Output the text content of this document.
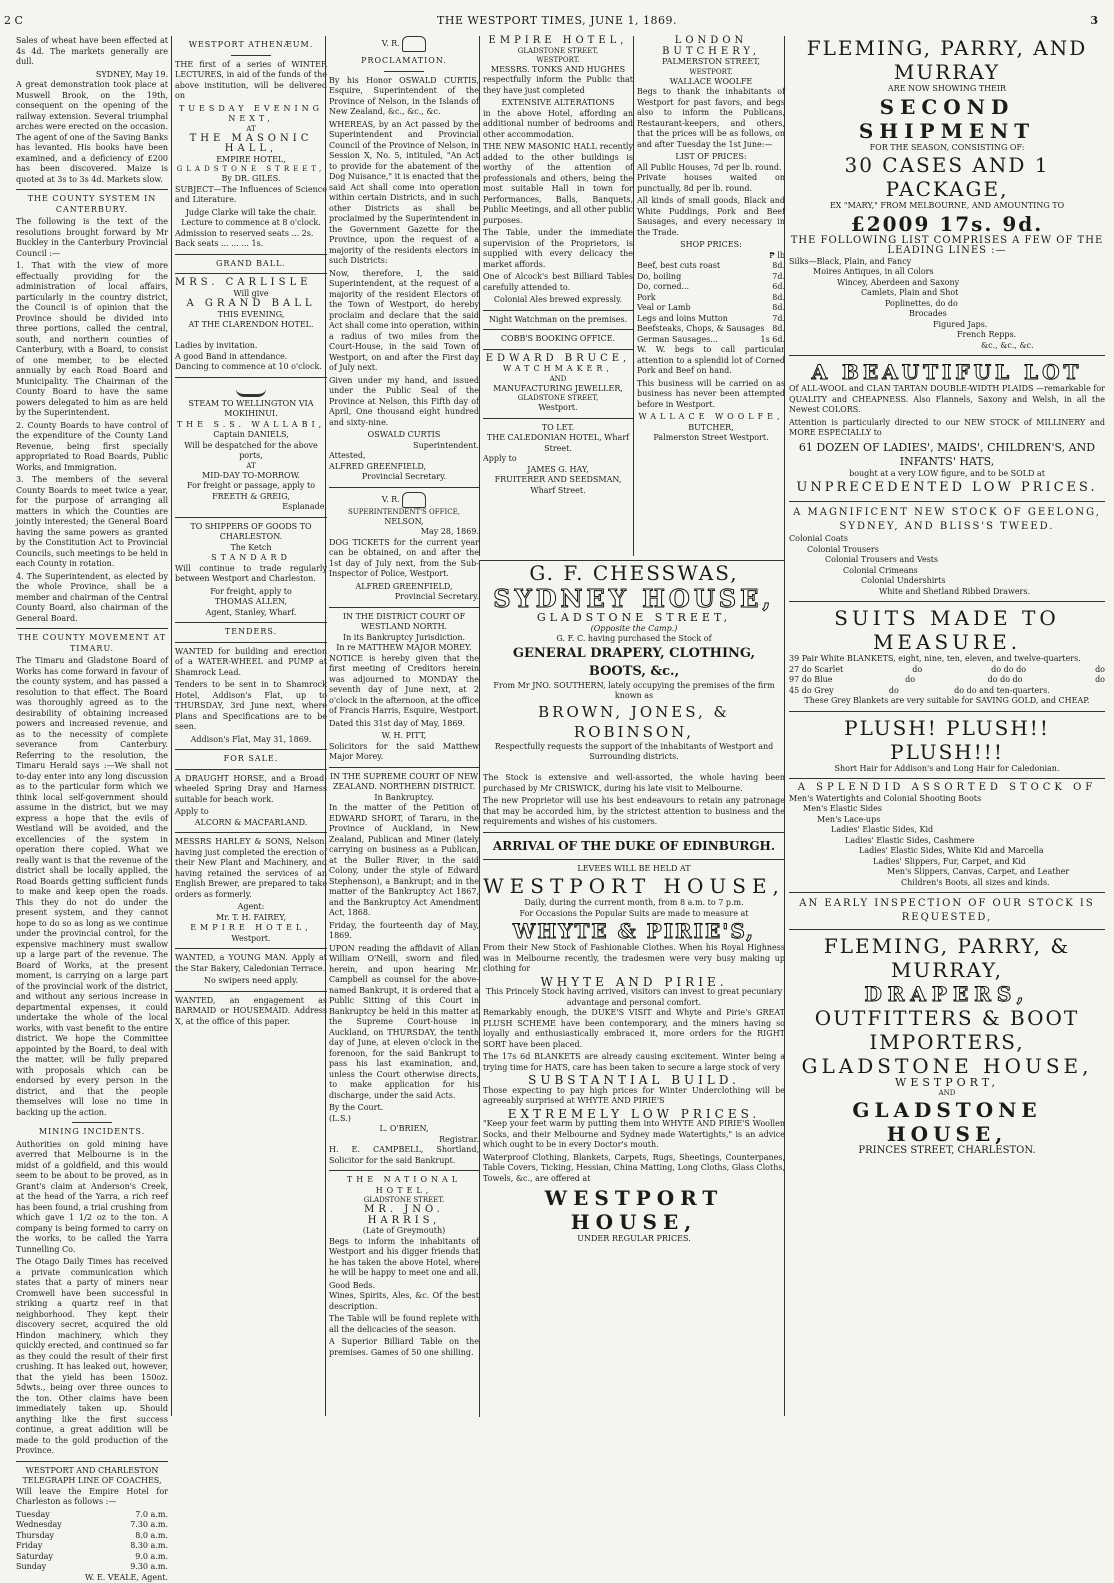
2 C	THE WESTPORT TIMES, JUNE 1, 1869.	3

Sales of wheat have been effected at 4s 4d. The markets generally are dull.

SYDNEY, May 19.

A great demonstration took place at Muswell Brook, on the 19th, consequent on the opening of the railway extension. Several triumphal arches were erected on the occasion. The agent of one of the Saving Banks has levanted. His books have been examined, and a deficiency of £200 has been discovered. Maize is quoted at 3s to 3s 4d. Markets slow.

THE COUNTY SYSTEM IN CANTERBURY.

The following is the text of the resolutions brought forward by Mr Buckley in the Canterbury Provincial Council :—

1. That with the view of more effectually providing for the administration of local affairs, particularly in the country district, the Council is of opinion that the Province should be divided into three portions, called the central, south, and northern counties of Canterbury, with a Board, to consist of one member, to be elected annually by each Road Board and Municipality. The Chairman of the County Board to have the same powers delegated to him as are held by the Superintendent.

2. County Boards to have control of the expenditure of the County Land Revenue, being first specially appropriated to Road Boards, Public Works, and Immigration.

3. The members of the several County Boards to meet twice a year, for the purpose of arranging all matters in which the Counties are jointly interested; the General Board having the same powers as granted by the Constitution Act to Provincial Councils, such meetings to be held in each County in rotation.

4. The Superintendent, as elected by the whole Province, shall be a member and chairman of the Central County Board, also chairman of the General Board.

THE COUNTY MOVEMENT AT TIMARU.

The Timaru and Gladstone Board of Works has come forward in favour of the county system, and has passed a resolution to that effect. The Board was thoroughly agreed as to the desirability of obtaining increased powers and increased revenue, and as to the necessity of complete severance from Canterbury. Referring to the resolution, the Timaru Herald says :—We shall not to-day enter into any long discussion as to the particular form which we think local self-government should assume in the district, but we may express a hope that the evils of Westland will be avoided, and the excellencies of the system in operation there copied. What we really want is that the revenue of the district shall be locally applied, the Road Boards getting sufficient funds to make and keep open the roads. This they do not do under the present system, and they cannot hope to do so as long as we continue under the provincial control, for the expensive machinery must swallow up a large part of the revenue. The Board of Works, at the present moment, is carrying on a large part of the provincial work of the district, and without any serious increase in departmental expenses, it could undertake the whole of the local works, with vast benefit to the entire district. We hope the Committee appointed by the Board, to deal with the matter, will be fully prepared with proposals which can be endorsed by every person in the district, and that the people themselves will lose no time in backing up the action.

MINING INCIDENTS.

Authorities on gold mining have averred that Melbourne is in the midst of a goldfield, and this would seem to be about to be proved, as in Grant's claim at Anderson's Creek, at the head of the Yarra, a rich reef has been found, a trial crushing from which gave 1 1/2 oz to the ton. A company is being formed to carry on the works, to be called the Yarra Tunnelling Co.

The Otago Daily Times has received a private communication which states that a party of miners near Cromwell have been successful in striking a quartz reef in that neighborhood. They kept their discovery secret, acquired the old Hindon machinery, which they quickly erected, and continued so far as they could the result of their first crushing. It has leaked out, however, that the yield has been 150oz. 5dwts., being over three ounces to the ton. Other claims have been immediately taken up. Should anything like the first success continue, a great addition will be made to the gold production of the Province.

WESTPORT AND CHARLESTON TELEGRAPH LINE OF COACHES,

Will leave the Empire Hotel for Charleston as follows :—

Tuesday	7.0 a.m.
Wednesday	7.30 a.m.
Thursday	8.0 a.m.
Friday	8.30 a.m.
Saturday	9.0 a.m.
Sunday	9.30 a.m.
W. E. VEALE, Agent.
WESTPORT ATHENÆUM.

THE first of a series of WINTER LECTURES, in aid of the funds of the above institution, will be delivered on

TUESDAY EVENING NEXT,
AT
THE MASONIC HALL,
EMPIRE HOTEL,
GLADSTONE STREET,
By DR. GILES.

SUBJECT—The Influences of Science and Literature.

Judge Clarke will take the chair.
Lecture to commence at 8 o'clock.
Admission to reserved seats ... 2s.
Back seats ... ... ... 1s.
GRAND BALL.
MRS. CARLISLE
Will give
A GRAND BALL
THIS EVENING,
AT THE CLARENDON HOTEL.

Ladies by invitation.
A good Band in attendance.
Dancing to commence at 10 o'clock.
STEAM TO WELLINGTON VIA MOKIHINUI.
THE S.S. WALLABI,
Captain DANIELS,
Will be despatched for the above ports,
AT
MID-DAY TO-MORROW.
For freight or passage, apply to
FREETH & GREIG,
Esplanade.
TO SHIPPERS OF GOODS TO CHARLESTON.
The Ketch
STANDARD

Will continue to trade regularly between Westport and Charleston.

For freight, apply to
THOMAS ALLEN,
Agent, Stanley, Wharf.
TENDERS.

WANTED for building and erection of a WATER-WHEEL and PUMP at Shamrock Lead.

Tenders to be sent in to Shamrock Hotel, Addison's Flat, up to THURSDAY, 3rd June next, where Plans and Specifications are to be seen.

Addison's Flat, May 31, 1869.
FOR SALE.

A DRAUGHT HORSE, and a Broad-wheeled Spring Dray and Harness suitable for beach work.

Apply to
ALCORN & MACFARLAND.

MESSRS HARLEY & SONS, Nelson, having just completed the erection of their New Plant and Machinery, and having retained the services of an English Brewer, are prepared to take orders as formerly.

Agent:
Mr. T. H. FAIREY,
EMPIRE HOTEL,
Westport.

WANTED, a YOUNG MAN. Apply at the Star Bakery, Caledonian Terrace.

No swipers need apply.

WANTED, an engagement as BARMAID or HOUSEMAID. Address X, at the office of this paper.

V. R.
PROCLAMATION.

By his Honor OSWALD CURTIS, Esquire, Superintendent of the Province of Nelson, in the Islands of New Zealand, &c., &c., &c.

WHEREAS, by an Act passed by the Superintendent and Provincial Council of the Province of Nelson, in Session X, No. 5, intituled, "An Act to provide for the abatement of the Dog Nuisance," it is enacted that the said Act shall come into operation within certain Districts, and in such other Districts as shall be proclaimed by the Superintendent in the Government Gazette for the Province, upon the request of a majority of the residents electors in such Districts:

Now, therefore, I, the said Superintendent, at the request of a majority of the resident Electors of the Town of Westport, do hereby proclaim and declare that the said Act shall come into operation, within a radius of two miles from the Court-House, in the said Town of Westport, on and after the First day of July next.

Given under my hand, and issued under the Public Seal of the Province at Nelson, this Fifth day of April, One thousand eight hundred and sixty-nine.

OSWALD CURTIS
Superintendent.
Attested,
ALFRED GREENFIELD,
Provincial Secretary.
V. R.
SUPERINTENDENT'S OFFICE,
NELSON,
May 28, 1869.

DOG TICKETS for the current year can be obtained, on and after the 1st day of July next, from the Sub-Inspector of Police, Westport.

ALFRED GREENFIELD,
Provincial Secretary.
IN THE DISTRICT COURT OF WESTLAND NORTH.
In its Bankruptcy Jurisdiction.
In re MATTHEW MAJOR MOREY.

NOTICE is hereby given that the first meeting of Creditors herein was adjourned to MONDAY the seventh day of June next, at 2 o'clock in the afternoon, at the office of Francis Harris, Esquire, Westport.

Dated this 31st day of May, 1869.

W. H. PITT,

Solicitors for the said Matthew Major Morey.

IN THE SUPREME COURT OF NEW ZEALAND. NORTHERN DISTRICT.
In Bankruptcy.

In the matter of the Petition of EDWARD SHORT, of Tararu, in the Province of Auckland, in New Zealand, Publican and Miner (lately carrying on business as a Publican, at the Buller River, in the said Colony, under the style of Edward Stephenson), a Bankrupt; and in the matter of the Bankruptcy Act 1867, and the Bankruptcy Act Amendment Act, 1868.

Friday, the fourteenth day of May, 1869.

UPON reading the affidavit of Allan William O'Neill, sworn and filed herein, and upon hearing Mr. Campbell as counsel for the above-named Bankrupt, it is ordered that a Public Sitting of this Court in Bankruptcy be held in this matter at the Supreme Court-house in Auckland, on THURSDAY, the tenth day of June, at eleven o'clock in the forenoon, for the said Bankrupt to pass his last examination, and, unless the Court otherwise directs, to make application for his discharge, under the said Acts.

By the Court.
(L.S.)
L. O'BRIEN,
Registrar.

H. E. CAMPBELL, Shortland, Solicitor for the said Bankrupt.

THE NATIONAL HOTEL,
GLADSTONE STREET.
MR. JNO. HARRIS,
(Late of Greymouth)

Begs to inform the inhabitants of Westport and his digger friends that he has taken the above Hotel, where he will be happy to meet one and all.

Good Beds.

Wines, Spirits, Ales, &c. Of the best description.

The Table will be found replete with all the delicacies of the season.

A Superior Billiard Table on the premises. Games of 50 one shilling.

EMPIRE HOTEL,
GLADSTONE STREET,
WESTPORT.
MESSRS. TONKS AND HUGHES

respectfully inform the Public that they have just completed

EXTENSIVE ALTERATIONS

in the above Hotel, affording an additional number of bedrooms and other accommodation.

THE NEW MASONIC HALL recently added to the other buildings is worthy of the attention of professionals and others, being the most suitable Hall in town for Performances, Balls, Banquets, Public Meetings, and all other public purposes.

The Table, under the immediate supervision of the Proprietors, is supplied with every delicacy the market affords.

One of Alcock's best Billiard Tables carefully attended to.

Colonial Ales brewed expressly.
Night Watchman on the premises.
COBB'S BOOKING OFFICE.
EDWARD BRUCE,
WATCHMAKER,
AND
MANUFACTURING JEWELLER,
GLADSTONE STREET,
Westport.
TO LET.
THE CALEDONIAN HOTEL, Wharf Street.
Apply to
JAMES G. HAY,
FRUITERER AND SEEDSMAN,
Wharf Street.
LONDON BUTCHERY,
PALMERSTON STREET,
WESTPORT.
WALLACE WOOLFE

Begs to thank the inhabitants of Westport for past favors, and begs also to inform the Publicans, Restaurant-keepers, and others, that the prices will be as follows, on and after Tuesday the 1st June:—

LIST OF PRICES:
All Public Houses, 7d per lb. round.

Private houses waited on punctually, 8d per lb. round.

All kinds of small goods, Black and White Puddings, Pork and Beef Sausages, and every necessary in the Trade.

SHOP PRICES:
₱ lb
Beef, best cuts roast	8d.
Do, boiling	7d.
Do, corned...	6d.
Pork	8d.
Veal or Lamb	8d.
Legs and loins Mutton	7d.
Beefsteaks, Chops, & Sausages 8d.
German Sausages...	1s 6d.

W. W. begs to call particular attention to a splendid lot of Corned Pork and Beef on hand.

This business will be carried on as business has never been attempted before in Westport.

WALLACE WOOLFE,
BUTCHER,
Palmerston Street Westport.
G. F. CHESSWAS,
SYDNEY HOUSE,
GLADSTONE STREET,
(Opposite the Camp.)
G. F. C. having purchased the Stock of
GENERAL DRAPERY, CLOTHING, BOOTS, &c.,
From Mr JNO. SOUTHERN, lately occupying the premises of the firm known as
BROWN, JONES, & ROBINSON,
Respectfully requests the support of the inhabitants of Westport and Surrounding districts.

The Stock is extensive and well-assorted, the whole having been purchased by Mr CRISWICK, during his late visit to Melbourne.

The new Proprietor will use his best endeavours to retain any patronage that may be accorded him, by the strictest attention to business and the requirements and wishes of his customers.

ARRIVAL OF THE DUKE OF EDINBURGH.
LEVEES WILL BE HELD AT
WESTPORT HOUSE,
Daily, during the current month, from 8 a.m. to 7 p.m.
For Occasions the Popular Suits are made to measure at
WHYTE & PIRIE'S,

From their New Stock of Fashionable Clothes. When his Royal Highness was in Melbourne recently, the tradesmen were very busy making up clothing for

WHYTE AND PIRIE.
This Princely Stock having arrived, visitors can invest to great pecuniary advantage and personal comfort.

Remarkably enough, the DUKE'S VISIT and Whyte and Pirie's GREAT PLUSH SCHEME have been contemporary, and the miners having so loyally and enthusiastically embraced it, more orders for the RIGHT SORT have been placed.

The 17s 6d BLANKETS are already causing excitement. Winter being a trying time for HATS, care has been taken to secure a large stock of very

SUBSTANTIAL BUILD.

Those expecting to pay high prices for Winter Underclothing will be agreeably surprised at WHYTE AND PIRIE'S

EXTREMELY LOW PRICES.

"Keep your feet warm by putting them into WHYTE AND PIRIE'S Woollen Socks, and their Melbourne and Sydney made Watertights," is an advice which ought to be in every Doctor's mouth.

Waterproof Clothing, Blankets, Carpets, Rugs, Sheetings, Counterpanes, Table Covers, Ticking, Hessian, China Matting, Long Cloths, Glass Cloths, Towels, &c., are offered at

WESTPORT HOUSE,
UNDER REGULAR PRICES.
FLEMING, PARRY, AND MURRAY
ARE NOW SHOWING THEIR
SECOND SHIPMENT
FOR THE SEASON, CONSISTING OF:
30 CASES AND 1 PACKAGE,
EX "MARY," FROM MELBOURNE, AND AMOUNTING TO
£2009 17s. 9d.
THE FOLLOWING LIST COMPRISES A FEW OF THE LEADING LINES :—
Silks—Black, Plain, and Fancy
Moires Antiques, in all Colors
Wincey, Aberdeen and Saxony
Camlets, Plain and Shot
Poplinettes, do do
Brocades
Figured Japs.
French Repps.
&c., &c., &c.
A BEAUTIFUL LOT

Of ALL-WOOL and CLAN TARTAN DOUBLE-WIDTH PLAIDS —remarkable for QUALITY and CHEAPNESS. Also Flannels, Saxony and Welsh, in all the Newest COLORS.

Attention is particularly directed to our NEW STOCK of MILLINERY and MORE ESPECIALLY to

61 DOZEN OF LADIES', MAIDS', CHILDREN'S, AND INFANTS' HATS,
bought at a very LOW figure, and to be SOLD at
UNPRECEDENTED LOW PRICES.
A MAGNIFICENT NEW STOCK OF GEELONG, SYDNEY, AND BLISS'S TWEED.
Colonial Coats
Colonial Trousers
Colonial Trousers and Vests
Colonial Crimeans
Colonial Undershirts
White and Shetland Ribbed Drawers.
SUITS MADE TO MEASURE.
39 Pair White BLANKETS, eight, nine, ten, eleven, and twelve-quarters.
27 do Scarlet	do	do do do	do
97 do Blue	do	do do do	do
45 do Grey	do	do do and ten-quarters.
These Grey Blankets are very suitable for SAVING GOLD, and CHEAP.
PLUSH! PLUSH!! PLUSH!!!
Short Hair for Addison's and Long Hair for Caledonian.
A SPLENDID ASSORTED STOCK OF
Men's Watertights and Colonial Shooting Boots
Men's Elastic Sides
Men's Lace-ups
Ladies' Elastic Sides, Kid
Ladies' Elastic Sides, Cashmere
Ladies' Elastic Sides, White Kid and Marcella
Ladies' Slippers, Fur, Carpet, and Kid
Men's Slippers, Canvas, Carpet, and Leather
Children's Boots, all sizes and kinds.
AN EARLY INSPECTION OF OUR STOCK IS REQUESTED,
FLEMING, PARRY, & MURRAY,
DRAPERS,
OUTFITTERS & BOOT IMPORTERS,
GLADSTONE HOUSE,
WESTPORT,
AND
GLADSTONE HOUSE,
PRINCES STREET, CHARLESTON.
